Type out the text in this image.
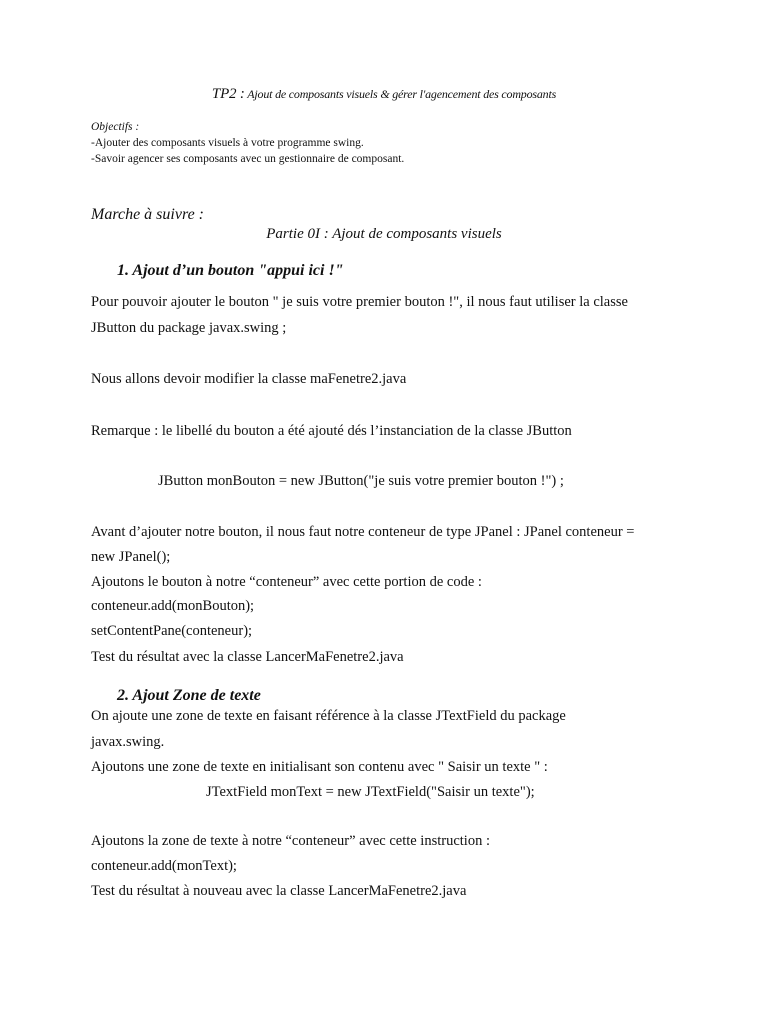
TP2 : Ajout de composants visuels & gérer l'agencement des composants
Objectifs :
-Ajouter des composants visuels à votre programme swing.
-Savoir agencer ses composants avec un gestionnaire de composant.
Marche à suivre :
Partie 0I : Ajout de composants visuels
1. Ajout d’un bouton "appui ici !"
Pour pouvoir ajouter le bouton " je suis votre premier bouton !", il nous faut utiliser la classe
JButton du package javax.swing ;
Nous allons devoir modifier la classe maFenetre2.java
Remarque : le libellé du bouton a été ajouté dés l’instanciation de la classe JButton
JButton monBouton = new JButton("je suis votre premier bouton !") ;
Avant d’ajouter notre bouton, il nous faut notre conteneur de type JPanel : JPanel conteneur =
new JPanel();
Ajoutons le bouton à notre “conteneur” avec cette portion de code :
conteneur.add(monBouton);
setContentPane(conteneur);
Test du résultat avec la classe LancerMaFenetre2.java
2. Ajout Zone de texte
On ajoute une zone de texte en faisant référence à la classe JTextField du package
javax.swing.
Ajoutons une zone de texte en initialisant son contenu avec " Saisir un texte " :
JTextField monText = new JTextField("Saisir un texte");
Ajoutons la zone de texte à notre “conteneur” avec cette instruction :
conteneur.add(monText);
Test du résultat à nouveau avec la classe LancerMaFenetre2.java
